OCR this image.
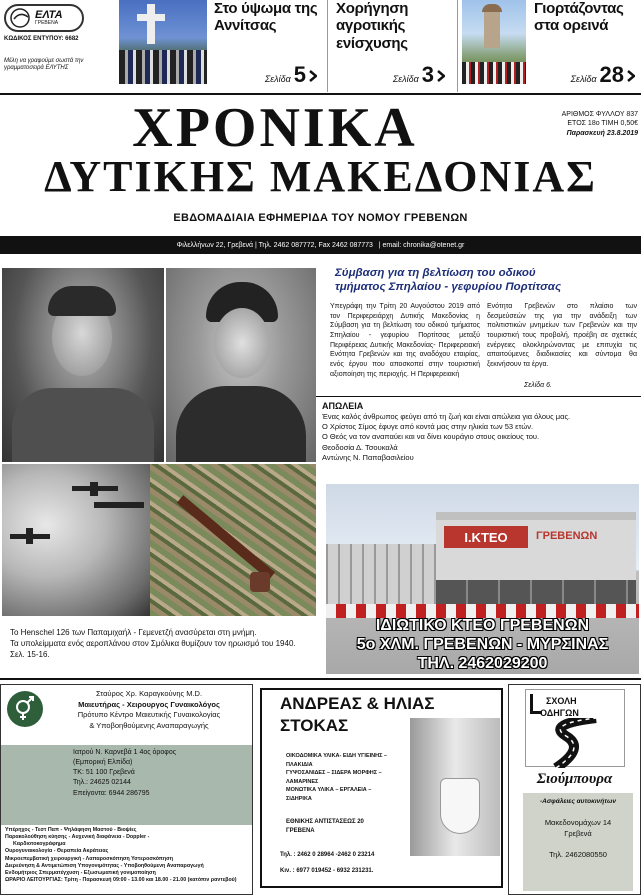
ΕΛΤΑ
ΓΡΕΒΕΝΑ
ΚΩΔΙΚΟΣ ΕΝΤΥΠΟΥ: 6682
Μέλη να γραφούμε σωστά την γραμματοσειρά ΕΛΥΤΗΣ
Στο ύψωμα της Αννίτσας
Σελίδα 5
Χορήγηση αγροτικής ενίσχυσης
Σελίδα 3
Γιορτάζοντας στα ορεινά
Σελίδα 28
ΧΡΟΝΙΚΑ
ΔΥΤΙΚΗΣ ΜΑΚΕΔΟΝΙΑΣ
ΑΡΙΘΜΟΣ ΦΥΛΛΟΥ 837
ΕΤΟΣ 18ο ΤΙΜΗ 0,50€
Παρασκευή 23.8.2019
ΕΒΔΟΜΑΔΙΑΙΑ ΕΦΗΜΕΡΙΔΑ ΤΟΥ ΝΟΜΟΥ ΓΡΕΒΕΝΩΝ
Φιλελλήνων 22, Γρεβενά | Τηλ. 2462 087772, Fax 2462 087773   | email: chronika@otenet.gr
Το Henschel 126 των Παπαμιχαήλ - Γεμενετζή ανασύρεται στη μνήμη.
Τα υπολείμματα ενός αεροπλάνου στον Σμόλικα θυμίζουν τον ηρωισμό του 1940.
Σελ. 15-16.
Σύμβαση για τη βελτίωση του οδικού τμήματος Σπηλαίου - γεφυρίου Πορτίτσας
Υπεγράφη την Τρίτη 20 Αυγούστου 2019 από τον Περιφερειάρχη Δυτικής Μακεδονίας η Σύμβαση για τη βελτίωση του οδικού τμήματος Σπηλαίου - γεφυρίου Πορτίτσας μεταξύ Περιφέρειας Δυτικής Μακεδονίας- Περιφερειακή Ενότητα Γρεβενών και της αναδόχου εταιρίας, ενός έργου που αποσκοπεί στην τουριστική αξιοποίηση της περιοχής. Η Περιφερειακή
Ενότητα Γρεβενών στο πλαίσιο των δεσμεύσεών της για την ανάδειξη των πολιτιστικών μνημείων των Γρεβενών και την τουριστική τους προβολή, προέβη σε σχετικές ενέργειες ολοκληρώνοντας με επιτυχία τις απαιτούμενες διαδικασίες και σύντομα θα ξεκινήσουν τα έργα.
Σελίδα 6.
ΑΠΩΛΕΙΑ
Ένας καλός άνθρωπος φεύγει από τη ζωή και είναι απώλεια για όλους μας.
Ο Χρίστος Σίμος έφυγε από κοντά μας στην ηλικία των 53 ετών.
Ο Θεός να τον αναπαύει και να δίνει κουράγιο στους οικείους του.
Θεοδοσία Δ. Τσουκαλά
Αντώνης Ν. Παπαβασιλείου
Ι.ΚΤΕΟ	ΓΡΕΒΕΝΩΝ
ΙΔΙΩΤΙΚΟ ΚΤΕΟ ΓΡΕΒΕΝΩΝ
5ο ΧΛΜ. ΓΡΕΒΕΝΩΝ - ΜΥΡΣΙΝΑΣ
ΤΗΛ. 2462029200
Σταύρος Χρ. Καραγκούνης M.D.
Μαιευτήρας - Χειρουργος Γυναικολόγος
Πρότυπο Κέντρο Μαιευτικής Γυναικολογίας
& Υποβοηθούμενης Αναπαραγωγής
Ιατρού Ν. Καρνεβά 1 4ος όροφος
(Εμπορική Ελπίδα)
ΤΚ: 51 100 Γρεβενά
Τηλ.: 24625 02144
Επείγοντα: 6944 286795
Υπέρηχος - Τεστ Παπ - Ψηλάφηση Μαστού - Βιοψίες
Παρακολούθηση κύησης - Αυχενική διαφάνεια - Doppler -
Καρδιοτοκογράφημα
Ουρογυναικολογία - Θεραπεία Ακράτειας
Μικροεπεμβατική χειρουργική - Λαπαροσκόπηση Υστεροσκόπηση
Διερεύνηση & Αντιμετώπιση Υπογονιμότητας - Υποβοηθούμενη Αναπαραγωγή
Ενδομήτριος Σπερματέγχυση - Εξωσωματική γονιμοποίηση
ΩΡΑΡΙΟ ΛΕΙΤΟΥΡΓΙΑΣ: Τρίτη - Παρασκευή 09:00 - 13.00 και 18.00 - 21.00 (κατόπιν ραντεβού)
ΑΝΔΡΕΑΣ & ΗΛΙΑΣ
ΣΤΟΚΑΣ
ΟΙΚΟΔΟΜΙΚΑ ΥΛΙΚΑ- ΕΙΔΗ ΥΓΙΕΙΝΗΣ –
ΠΛΑΚΙΔΙΑ
ΓΥΨΟΣΑΝΙΔΕΣ – ΣΙΔΕΡΑ ΜΟΡΦΗΣ –
ΛΑΜΑΡΙΝΕΣ
ΜΟΝΩΤΙΚΑ ΥΛΙΚΑ – ΕΡΓΑΛΕΙΑ –
ΣΙΔΗΡΙΚΑ
ΕΘΝΙΚΗΣ ΑΝΤΙΣΤΑΣΕΩΣ 20
ΓΡΕΒΕΝΑ
Τηλ. : 2462 0 28964 -2462 0 23214
Κιν. : 6977 019452 - 6932 231231.
ΣΧΟΛΗ
ΟΔΗΓΩΝ
Σιούμπουρα
-Ασφάλειες αυτοκινήτων
Μακεδονομάχων 14
Γρεβενά
Τηλ. 2462080550
